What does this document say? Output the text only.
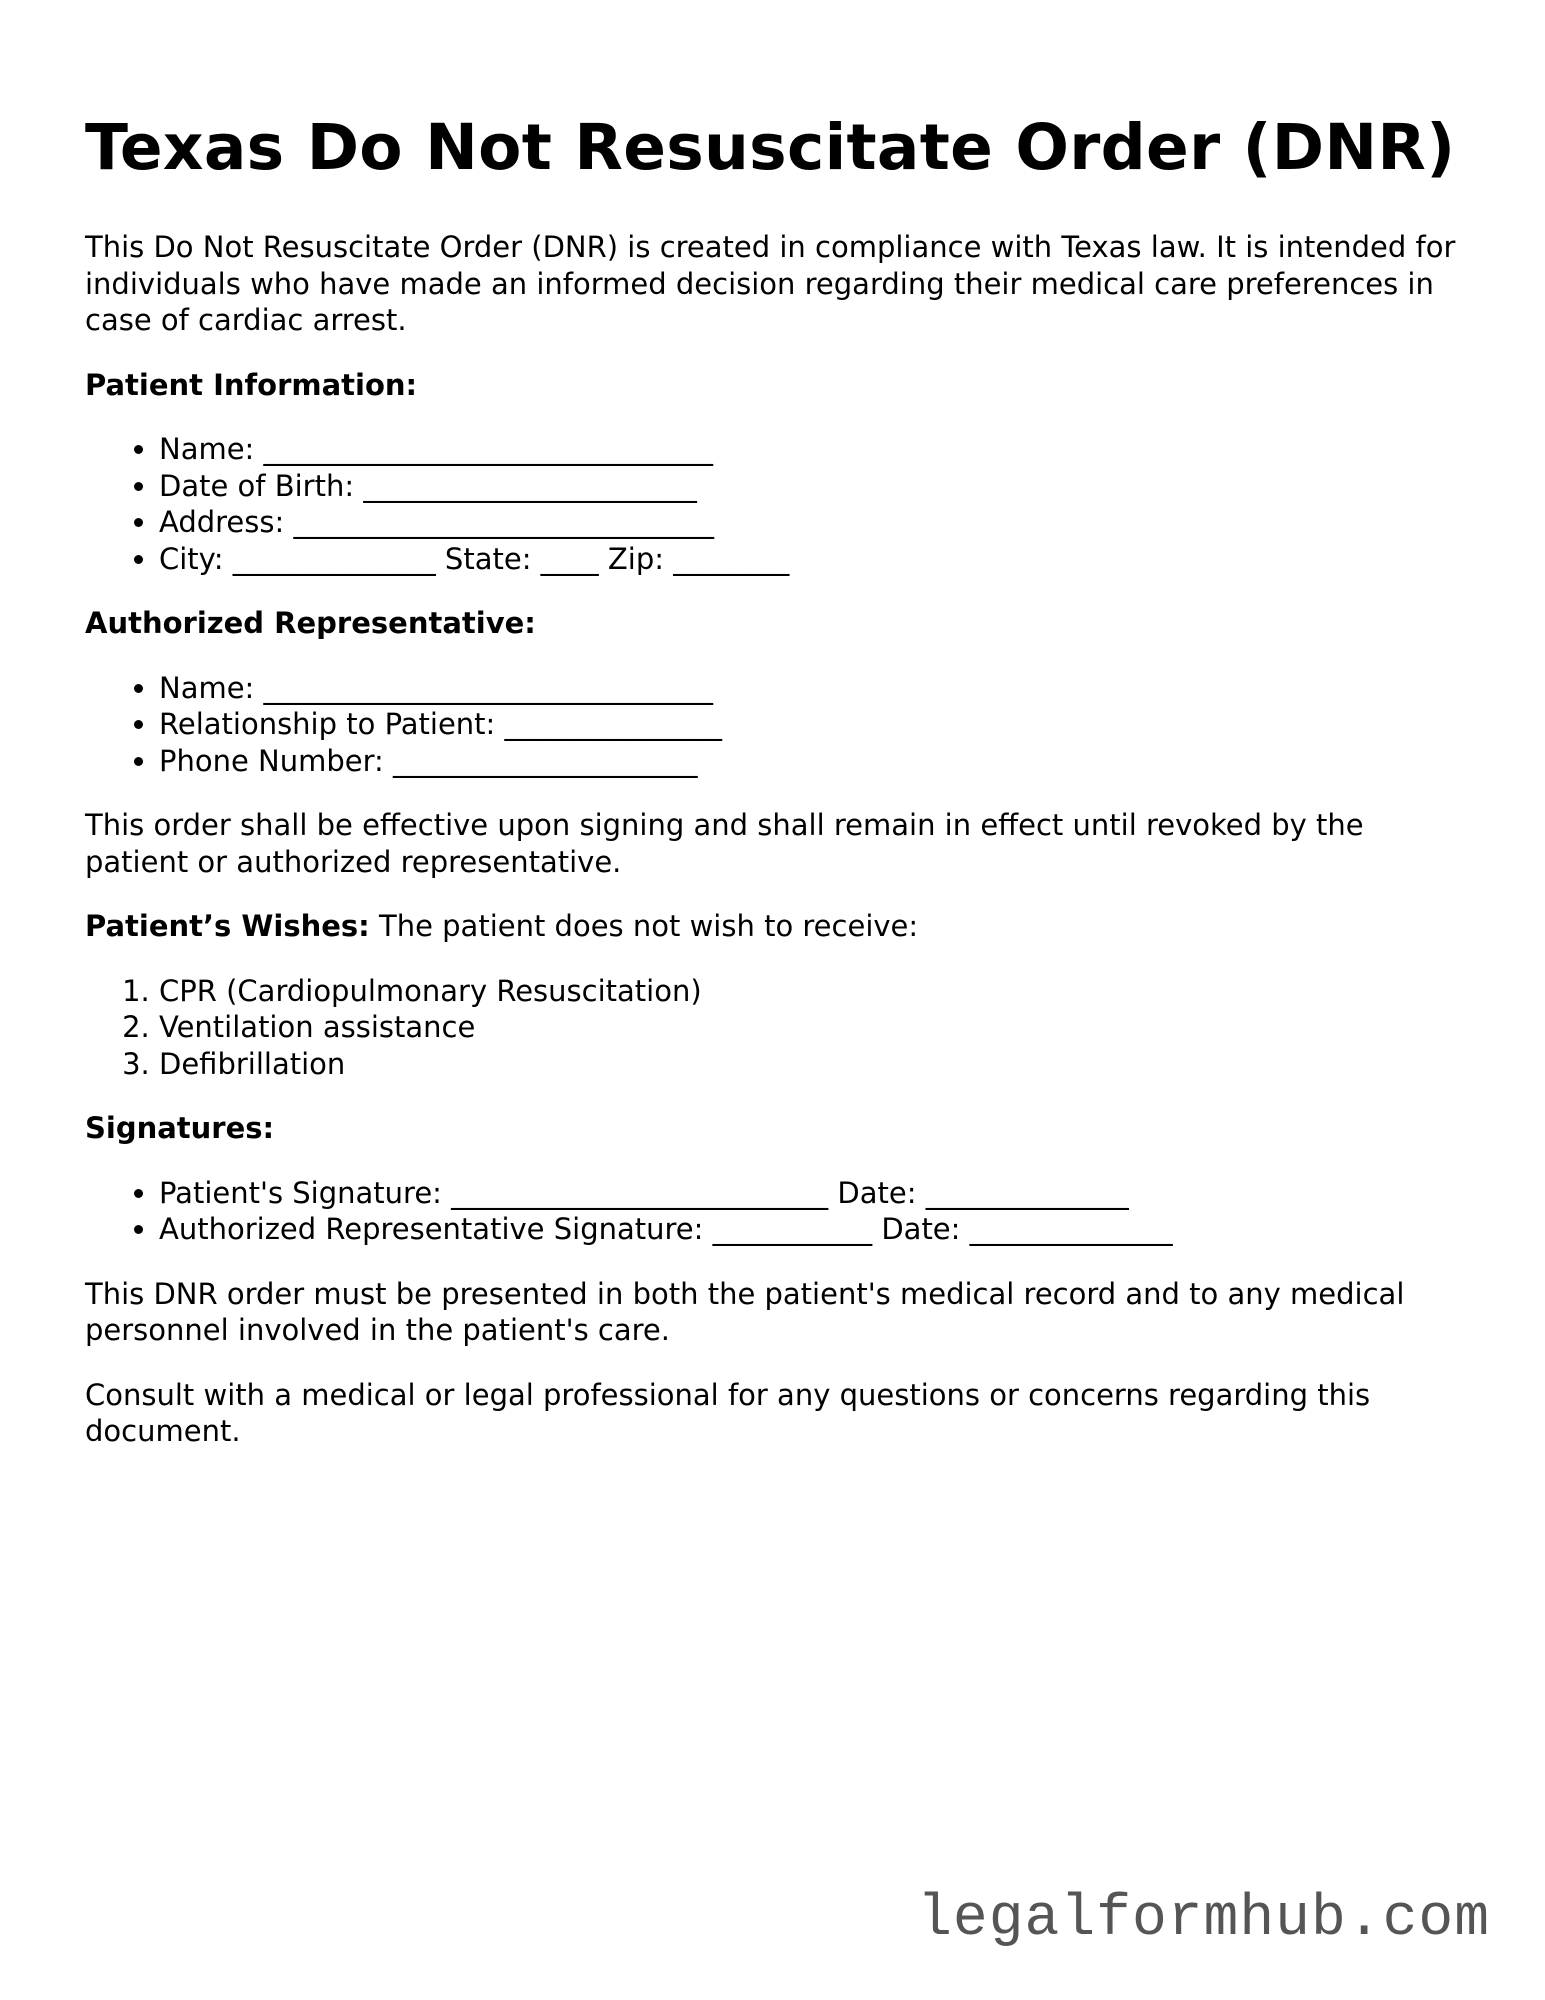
Texas Do Not Resuscitate Order (DNR)

This Do Not Resuscitate Order (DNR) is created in compliance with Texas law. It is intended for individuals who have made an informed decision regarding their medical care preferences in case of cardiac arrest.

Patient Information:

• Name: _______________________________
• Date of Birth: _______________________
• Address: _____________________________
• City: ______________ State: ____ Zip: ________

Authorized Representative:

• Name: _______________________________
• Relationship to Patient: _______________
• Phone Number: _____________________

This order shall be effective upon signing and shall remain in effect until revoked by the patient or authorized representative.

Patient’s Wishes: The patient does not wish to receive:

1. CPR (Cardiopulmonary Resuscitation)
2. Ventilation assistance
3. Defibrillation

Signatures:

• Patient's Signature: __________________________ Date: ______________
• Authorized Representative Signature: ___________ Date: ______________

This DNR order must be presented in both the patient's medical record and to any medical personnel involved in the patient's care.

Consult with a medical or legal professional for any questions or concerns regarding this document.

legalformhub.com
